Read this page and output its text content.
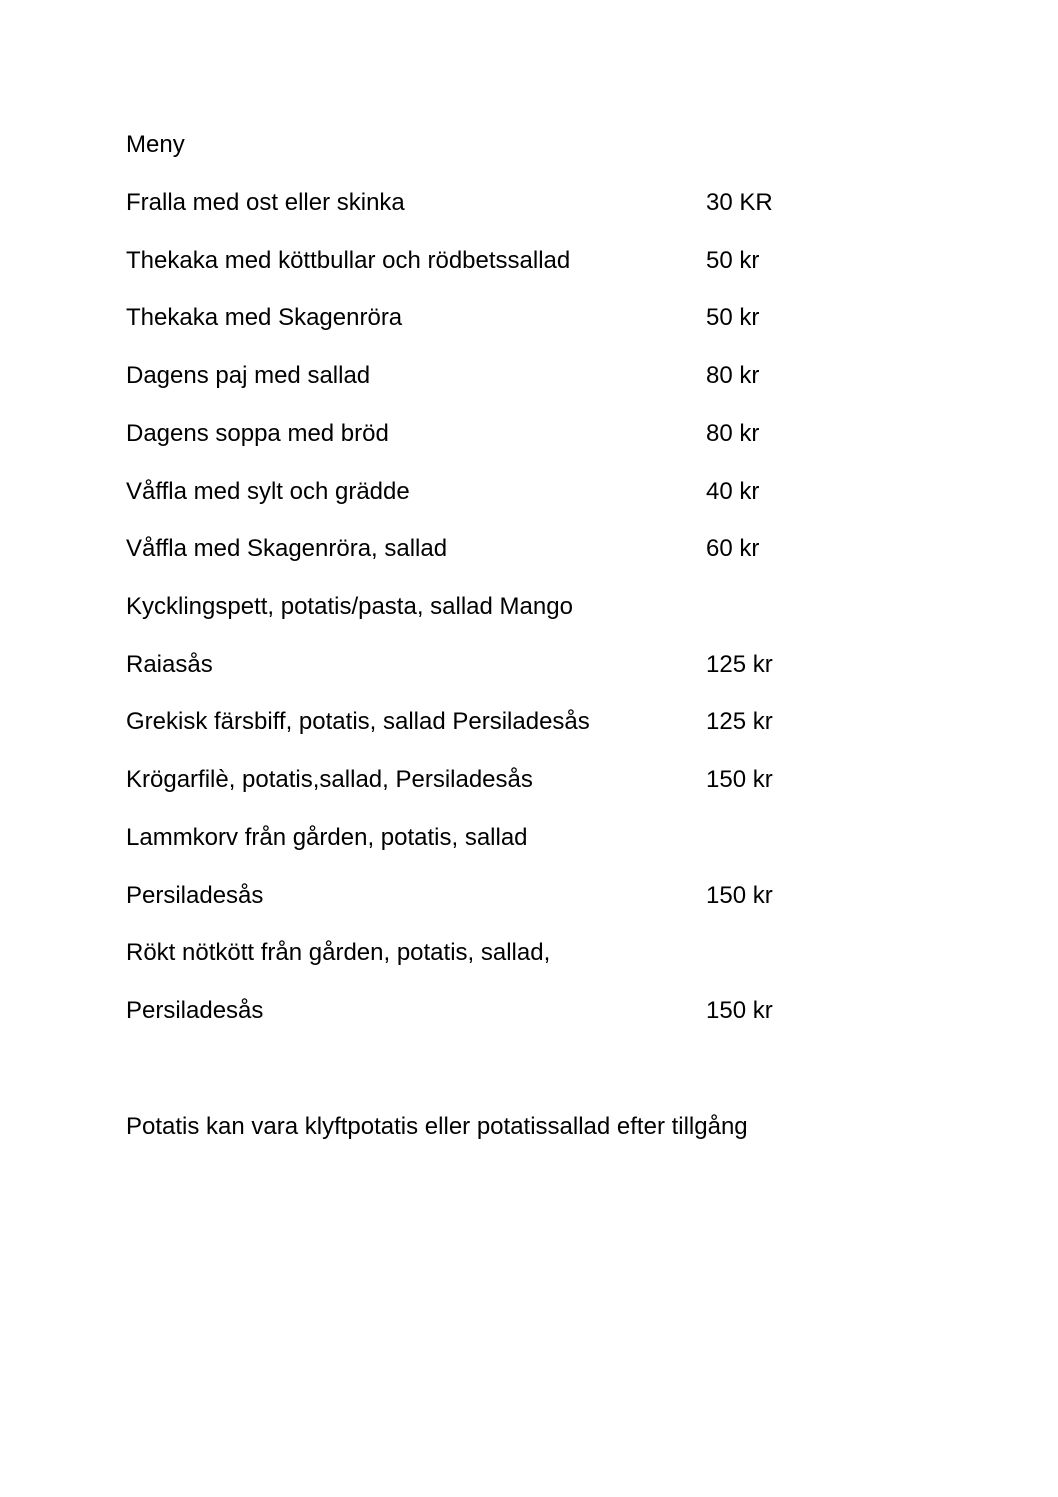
Meny
Fralla med ost eller skinka	30 KR
Thekaka med köttbullar och rödbetssallad	50 kr
Thekaka med Skagenröra	50 kr
Dagens paj med sallad	80 kr
Dagens soppa med bröd	80 kr
Våffla med sylt och grädde	40 kr
Våffla med Skagenröra, sallad	60 kr
Kycklingspett, potatis/pasta, sallad Mango
Raiasås	125 kr
Grekisk färsbiff, potatis, sallad Persiladesås	125 kr
Krögarfilè, potatis,sallad, Persiladesås	150 kr
Lammkorv från gården, potatis, sallad
Persiladesås	150 kr
Rökt nötkött från gården, potatis, sallad,
Persiladesås	150 kr
Potatis kan vara klyftpotatis eller potatissallad efter tillgång
